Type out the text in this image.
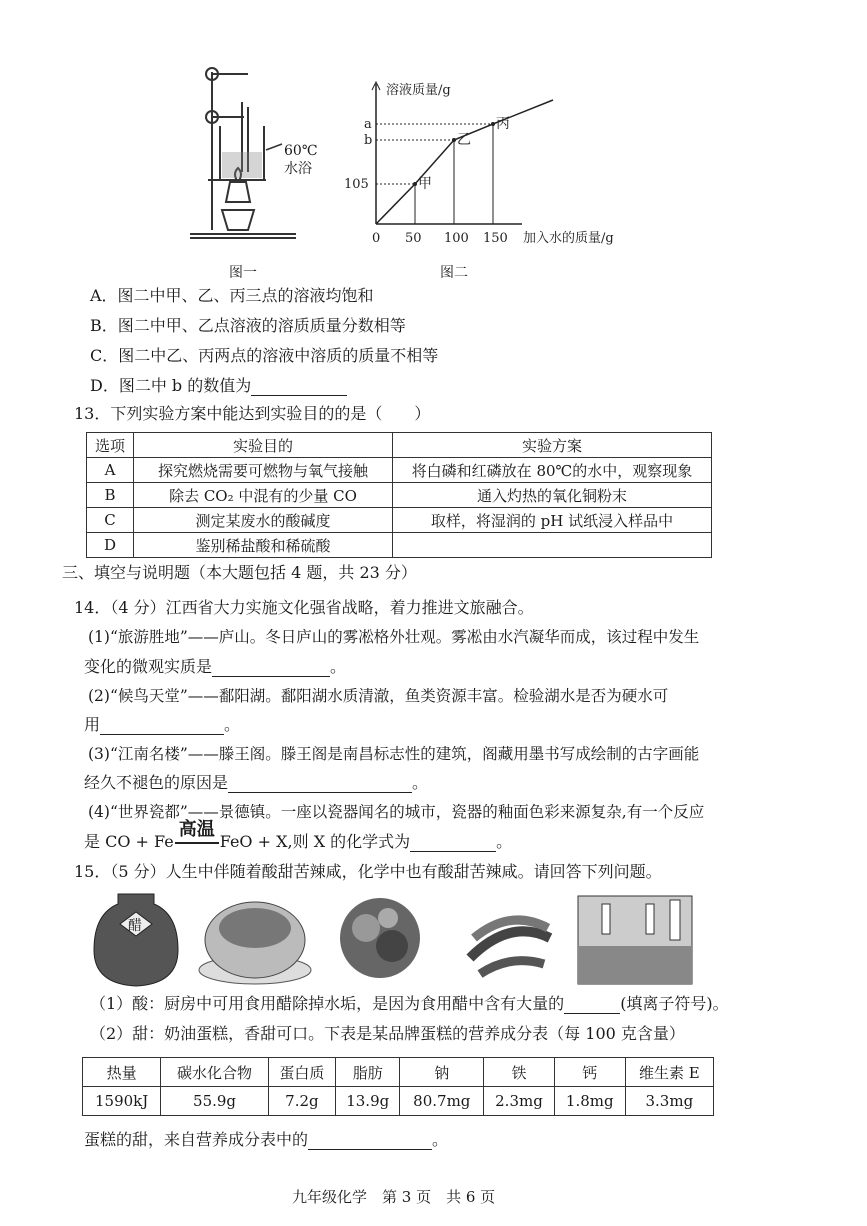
60℃
水浴
图一
溶液质量/g
0 50 100 150 加入水的质量/g
甲
105
乙
b
丙
a
图二
A．图二中甲、乙、丙三点的溶液均饱和
B．图二中甲、乙点溶液的溶质质量分数相等
C．图二中乙、丙两点的溶液中溶质的质量不相等
D．图二中 b 的数值为
13．下列实验方案中能达到实验目的的是（　　）
选项	实验目的	实验方案
A	探究燃烧需要可燃物与氧气接触	将白磷和红磷放在 80℃的水中，观察现象
B	除去 CO₂ 中混有的少量 CO	通入灼热的氧化铜粉末
C	测定某废水的酸碱度	取样，将湿润的 pH 试纸浸入样品中
D	鉴别稀盐酸和稀硫酸	
三、填空与说明题（本大题包括 4 题，共 23 分）
14．（4 分）江西省大力实施文化强省战略，着力推进文旅融合。
(1)“旅游胜地”——庐山。冬日庐山的雾凇格外壮观。雾凇由水汽凝华而成，该过程中发生
变化的微观实质是	。
(2)“候鸟天堂”——鄱阳湖。鄱阳湖水质清澈，鱼类资源丰富。检验湖水是否为硬水可
用	。
(3)“江南名楼”——滕王阁。滕王阁是南昌标志性的建筑，阁藏用墨书写成绘制的古字画能
经久不褪色的原因是	。
(4)“世界瓷都”——景德镇。一座以瓷器闻名的城市，瓷器的釉面色彩来源复杂,有一个反应
是 CO + Fe
高温
FeO + X,则 X 的化学式为	。
15．（5 分）人生中伴随着酸甜苦辣咸，化学中也有酸甜苦辣咸。请回答下列问题。
醋
（1）酸：厨房中可用食用醋除掉水垢，是因为食用醋中含有大量的	(填离子符号)。
（2）甜：奶油蛋糕，香甜可口。下表是某品牌蛋糕的营养成分表（每 100 克含量）
热量	碳水化合物	蛋白质	脂肪	钠	铁	钙	维生素 E
1590kJ	55.9g	7.2g	13.9g	80.7mg	2.3mg	1.8mg	3.3mg
蛋糕的甜，来自营养成分表中的	。
九年级化学　第 3 页　共 6 页
